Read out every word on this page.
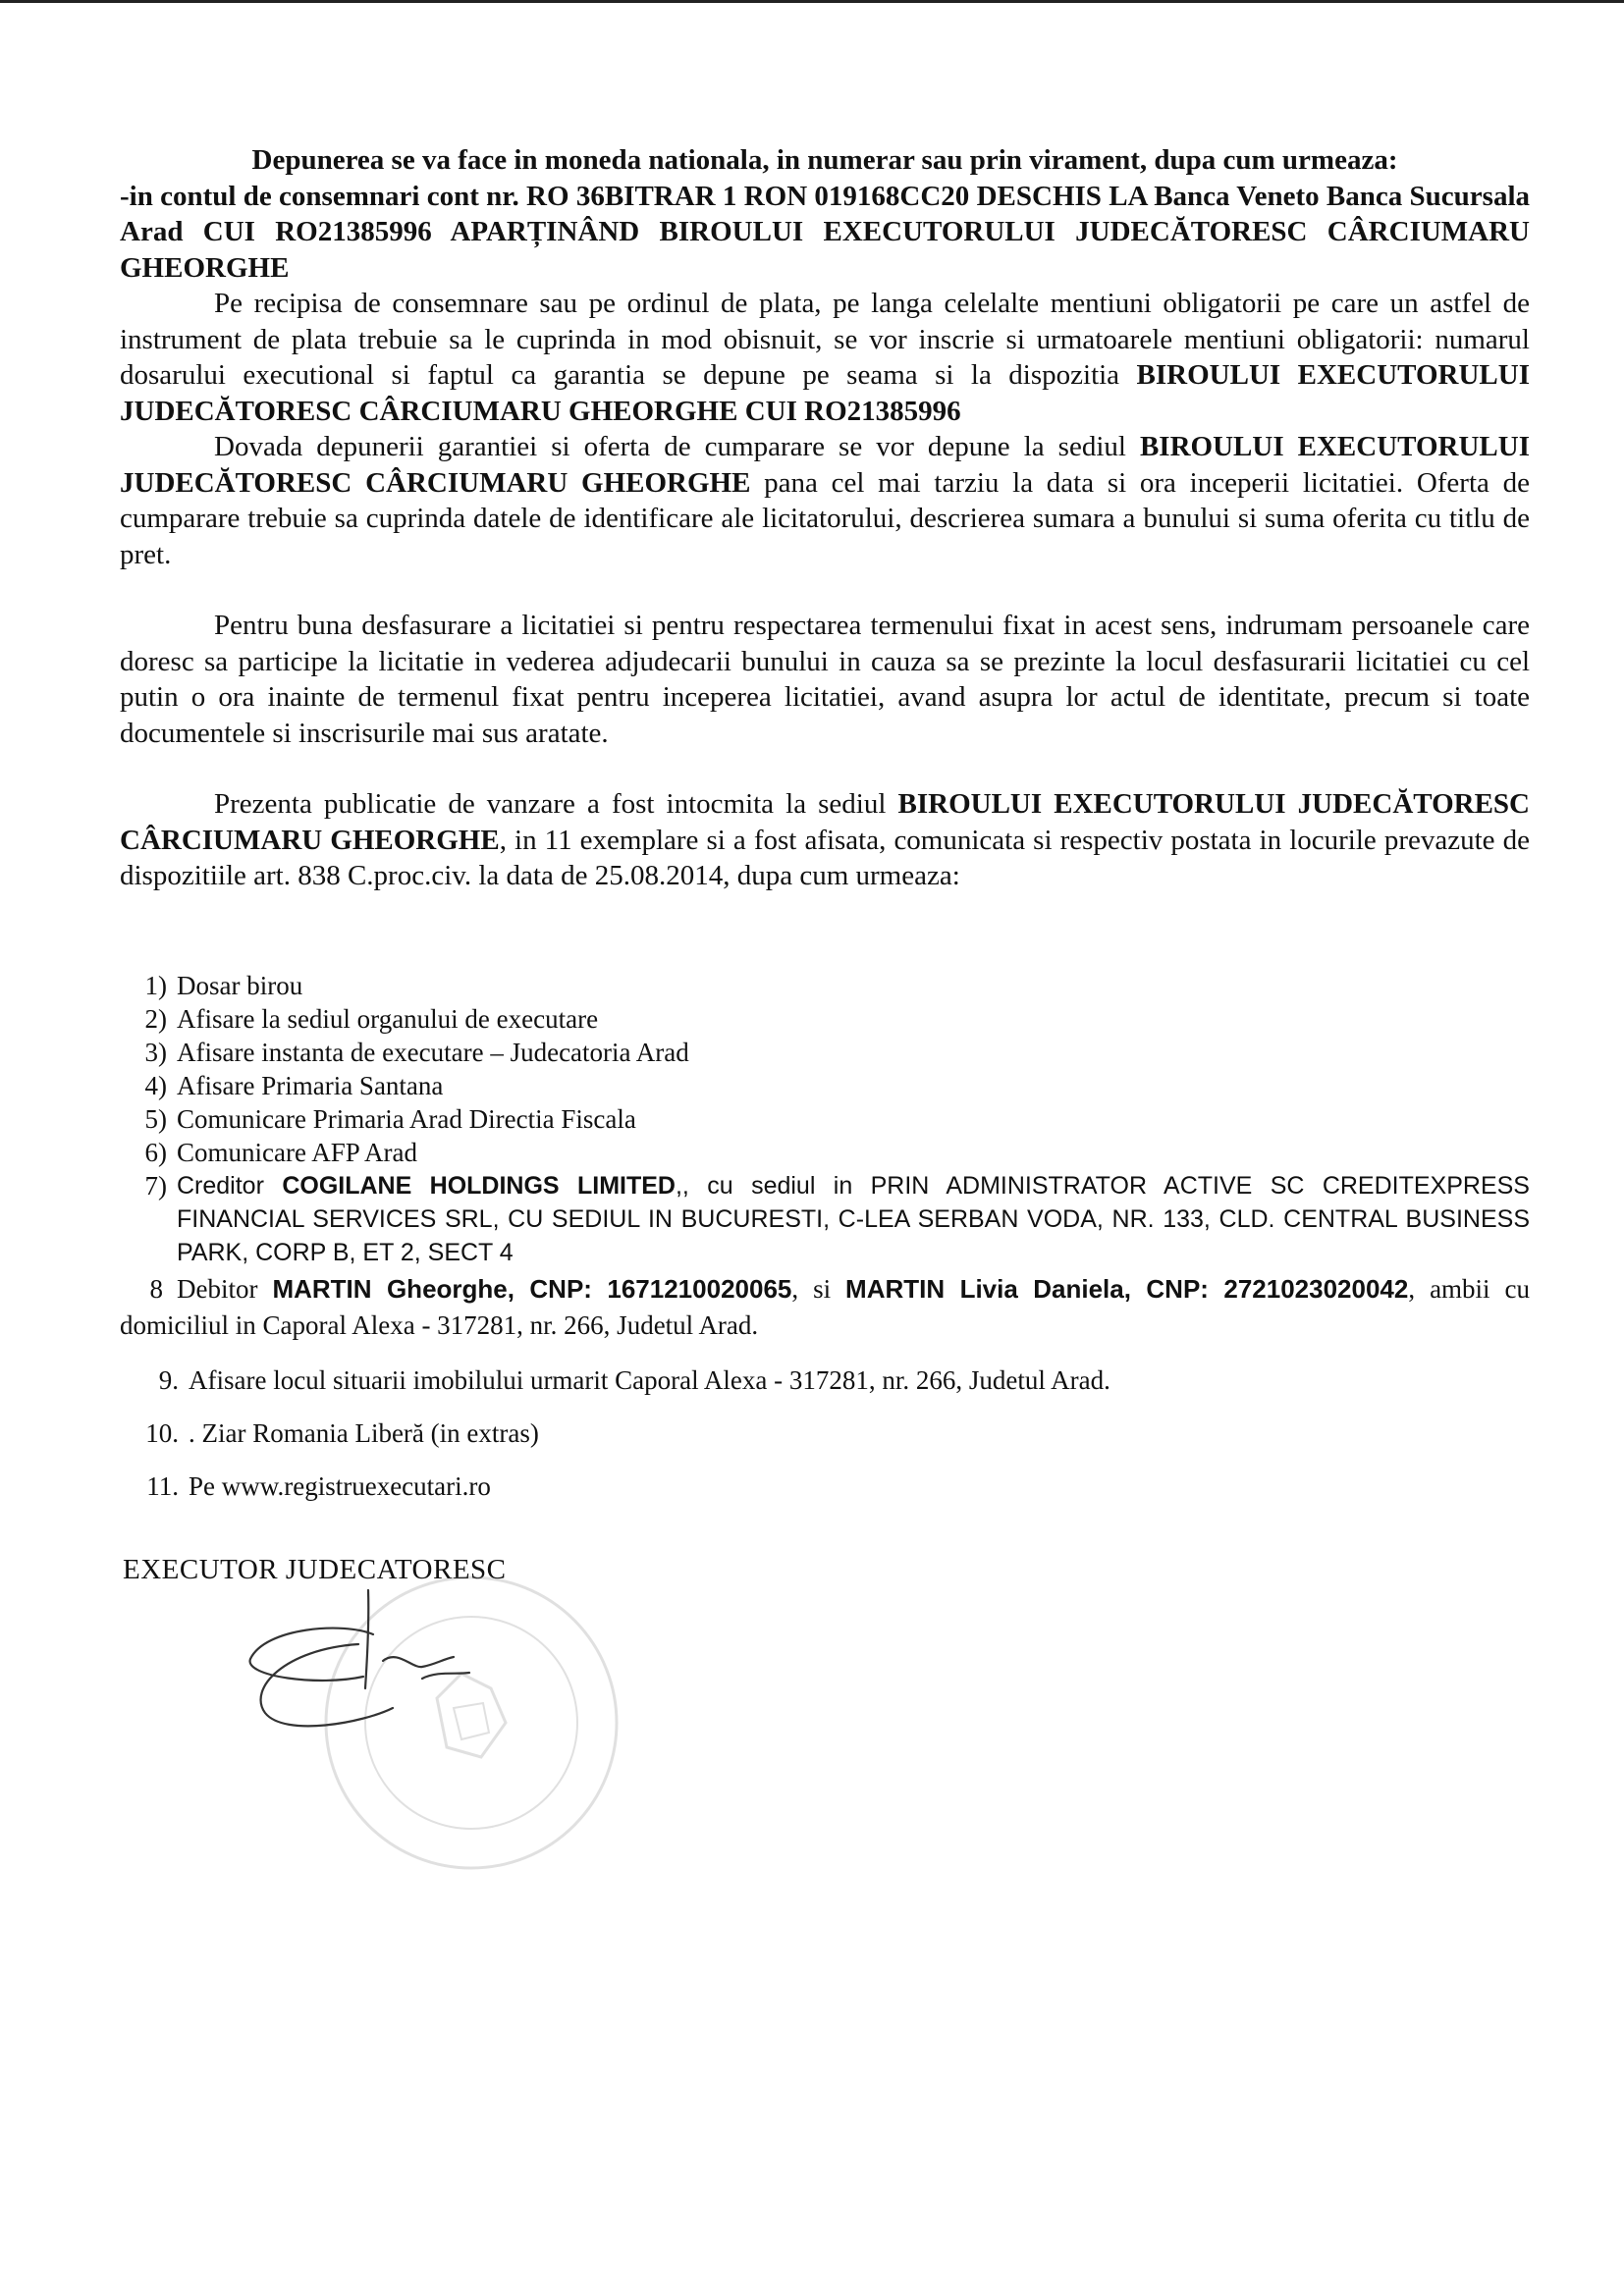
Depunerea se va face in moneda nationala, in numerar sau prin virament, dupa cum urmeaza:

-in contul de consemnari cont nr. RO 36BITRAR 1 RON 019168CC20 DESCHIS LA Banca Veneto Banca Sucursala Arad CUI RO21385996 APARȚINÂND BIROULUI EXECUTORULUI JUDECĂTORESC CÂRCIUMARU GHEORGHE

Pe recipisa de consemnare sau pe ordinul de plata, pe langa celelalte mentiuni obligatorii pe care un astfel de instrument de plata trebuie sa le cuprinda in mod obisnuit, se vor inscrie si urmatoarele mentiuni obligatorii: numarul dosarului executional si faptul ca garantia se depune pe seama si la dispozitia BIROULUI EXECUTORULUI JUDECĂTORESC CÂRCIUMARU GHEORGHE CUI RO21385996

Dovada depunerii garantiei si oferta de cumparare se vor depune la sediul BIROULUI EXECUTORULUI JUDECĂTORESC CÂRCIUMARU GHEORGHE pana cel mai tarziu la data si ora inceperii licitatiei. Oferta de cumparare trebuie sa cuprinda datele de identificare ale licitatorului, descrierea sumara a bunului si suma oferita cu titlu de pret.

Pentru buna desfasurare a licitatiei si pentru respectarea termenului fixat in acest sens, indrumam persoanele care doresc sa participe la licitatie in vederea adjudecarii bunului in cauza sa se prezinte la locul desfasurarii licitatiei cu cel putin o ora inainte de termenul fixat pentru inceperea licitatiei, avand asupra lor actul de identitate, precum si toate documentele si inscrisurile mai sus aratate.

Prezenta publicatie de vanzare a fost intocmita la sediul BIROULUI EXECUTORULUI JUDECĂTORESC CÂRCIUMARU GHEORGHE, in 11 exemplare si a fost afisata, comunicata si respectiv postata in locurile prevazute de dispozitiile art. 838 C.proc.civ. la data de 25.08.2014, dupa cum urmeaza:

1) Dosar birou
2) Afisare la sediul organului de executare
3) Afisare instanta de executare – Judecatoria Arad
4) Afisare Primaria Santana
5) Comunicare Primaria Arad Directia Fiscala
6) Comunicare AFP Arad
7) Creditor COGILANE HOLDINGS LIMITED,, cu sediul in PRIN ADMINISTRATOR ACTIVE SC CREDITEXPRESS FINANCIAL SERVICES SRL, CU SEDIUL IN BUCURESTI, C-LEA SERBAN VODA, NR. 133, CLD. CENTRAL BUSINESS PARK, CORP B, ET 2, SECT 4

8 Debitor MARTIN Gheorghe, CNP: 1671210020065, si MARTIN Livia Daniela, CNP: 2721023020042, ambii cu domiciliul in Caporal Alexa - 317281, nr. 266, Judetul Arad.

9. Afisare locul situarii imobilului urmarit Caporal Alexa - 317281, nr. 266, Judetul Arad.
10. . Ziar Romania Liberă (in extras)
11. Pe www.registruexecutari.ro
EXECUTOR JUDECATORESC
